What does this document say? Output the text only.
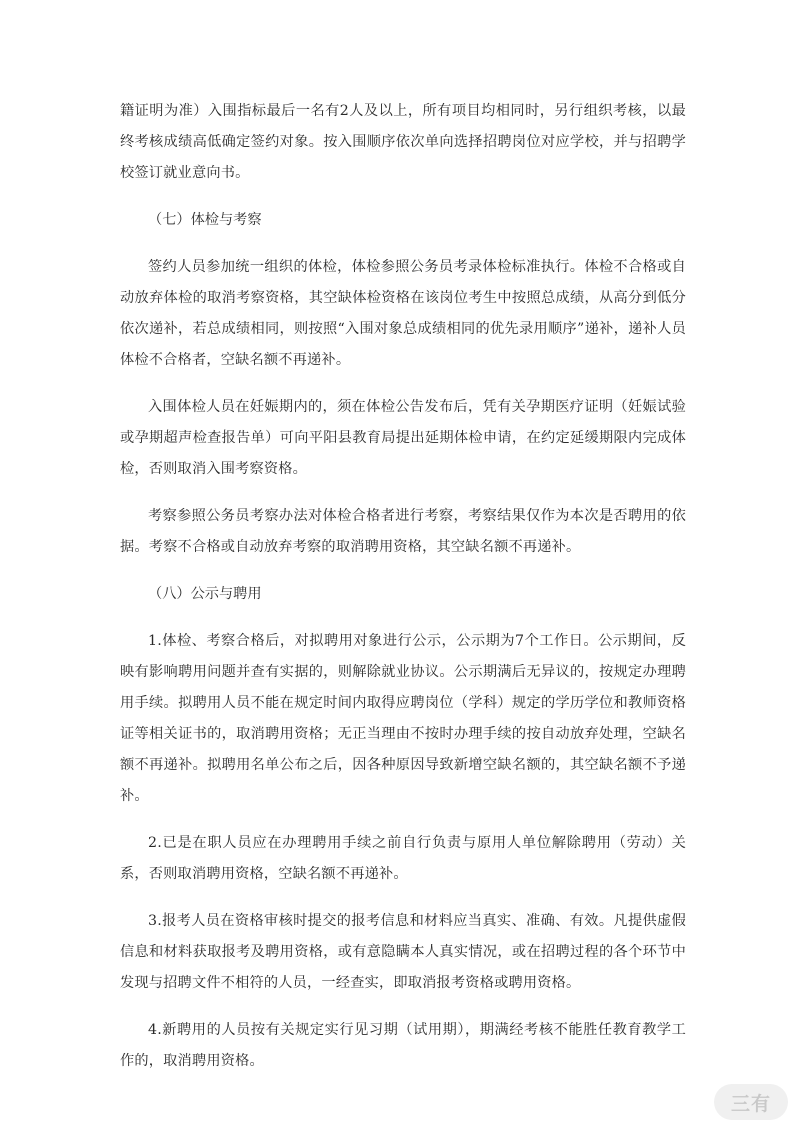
籍证明为准）入围指标最后一名有2人及以上，所有项目均相同时，另行组织考核，以最终考核成绩高低确定签约对象。按入围顺序依次单向选择招聘岗位对应学校，并与招聘学校签订就业意向书。

（七）体检与考察

签约人员参加统一组织的体检，体检参照公务员考录体检标准执行。体检不合格或自动放弃体检的取消考察资格，其空缺体检资格在该岗位考生中按照总成绩，从高分到低分依次递补，若总成绩相同，则按照“入围对象总成绩相同的优先录用顺序”递补，递补人员体检不合格者，空缺名额不再递补。

入围体检人员在妊娠期内的，须在体检公告发布后，凭有关孕期医疗证明（妊娠试验或孕期超声检查报告单）可向平阳县教育局提出延期体检申请，在约定延缓期限内完成体检，否则取消入围考察资格。

考察参照公务员考察办法对体检合格者进行考察，考察结果仅作为本次是否聘用的依据。考察不合格或自动放弃考察的取消聘用资格，其空缺名额不再递补。

（八）公示与聘用

1.体检、考察合格后，对拟聘用对象进行公示，公示期为7个工作日。公示期间，反映有影响聘用问题并查有实据的，则解除就业协议。公示期满后无异议的，按规定办理聘用手续。拟聘用人员不能在规定时间内取得应聘岗位（学科）规定的学历学位和教师资格证等相关证书的，取消聘用资格；无正当理由不按时办理手续的按自动放弃处理，空缺名额不再递补。拟聘用名单公布之后，因各种原因导致新增空缺名额的，其空缺名额不予递补。

2.已是在职人员应在办理聘用手续之前自行负责与原用人单位解除聘用（劳动）关系，否则取消聘用资格，空缺名额不再递补。

3.报考人员在资格审核时提交的报考信息和材料应当真实、准确、有效。凡提供虚假信息和材料获取报考及聘用资格，或有意隐瞒本人真实情况，或在招聘过程的各个环节中发现与招聘文件不相符的人员，一经查实，即取消报考资格或聘用资格。

4.新聘用的人员按有关规定实行见习期（试用期），期满经考核不能胜任教育教学工作的，取消聘用资格。

三有
